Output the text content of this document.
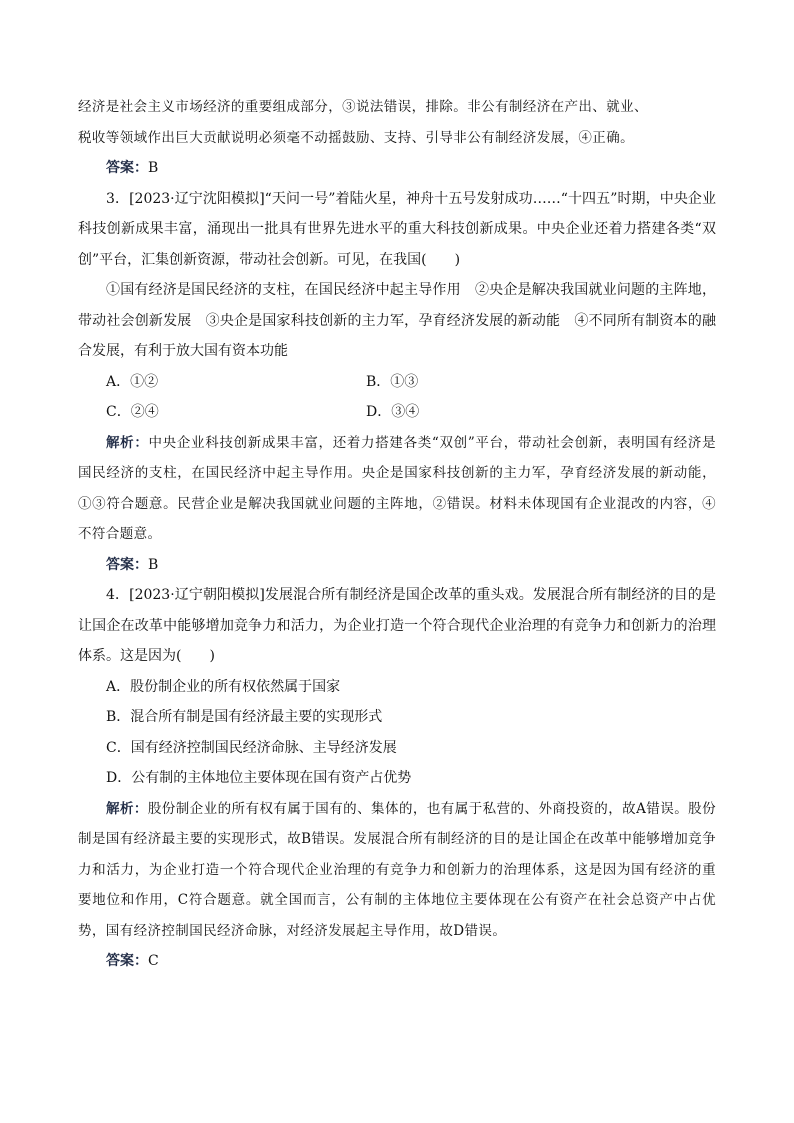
经济是社会主义市场经济的重要组成部分，③说法错误，排除。非公有制经济在产出、就业、

税收等领域作出巨大贡献说明必须毫不动摇鼓励、支持、引导非公有制经济发展，④正确。

答案：B

3．[2023·辽宁沈阳模拟]“天问一号”着陆火星，神舟十五号发射成功……“十四五”时期，中央企业科技创新成果丰富，涌现出一批具有世界先进水平的重大科技创新成果。中央企业还着力搭建各类“双创”平台，汇集创新资源，带动社会创新。可见，在我国(　　)

①国有经济是国民经济的支柱，在国民经济中起主导作用　②央企是解决我国就业问题的主阵地，带动社会创新发展　③央企是国家科技创新的主力军，孕育经济发展的新动能　④不同所有制资本的融合发展，有利于放大国有资本功能

A．①②	B．①③
C．②④	D．③④

解析：中央企业科技创新成果丰富，还着力搭建各类“双创”平台，带动社会创新，表明国有经济是国民经济的支柱，在国民经济中起主导作用。央企是国家科技创新的主力军，孕育经济发展的新动能，①③符合题意。民营企业是解决我国就业问题的主阵地，②错误。材料未体现国有企业混改的内容，④不符合题意。

答案：B

4．[2023·辽宁朝阳模拟]发展混合所有制经济是国企改革的重头戏。发展混合所有制经济的目的是让国企在改革中能够增加竞争力和活力，为企业打造一个符合现代企业治理的有竞争力和创新力的治理体系。这是因为(　　)

A．股份制企业的所有权依然属于国家

B．混合所有制是国有经济最主要的实现形式

C．国有经济控制国民经济命脉、主导经济发展

D．公有制的主体地位主要体现在国有资产占优势

解析：股份制企业的所有权有属于国有的、集体的，也有属于私营的、外商投资的，故A错误。股份制是国有经济最主要的实现形式，故B错误。发展混合所有制经济的目的是让国企在改革中能够增加竞争力和活力，为企业打造一个符合现代企业治理的有竞争力和创新力的治理体系，这是因为国有经济的重要地位和作用，C符合题意。就全国而言，公有制的主体地位主要体现在公有资产在社会总资产中占优势，国有经济控制国民经济命脉，对经济发展起主导作用，故D错误。

答案：C
